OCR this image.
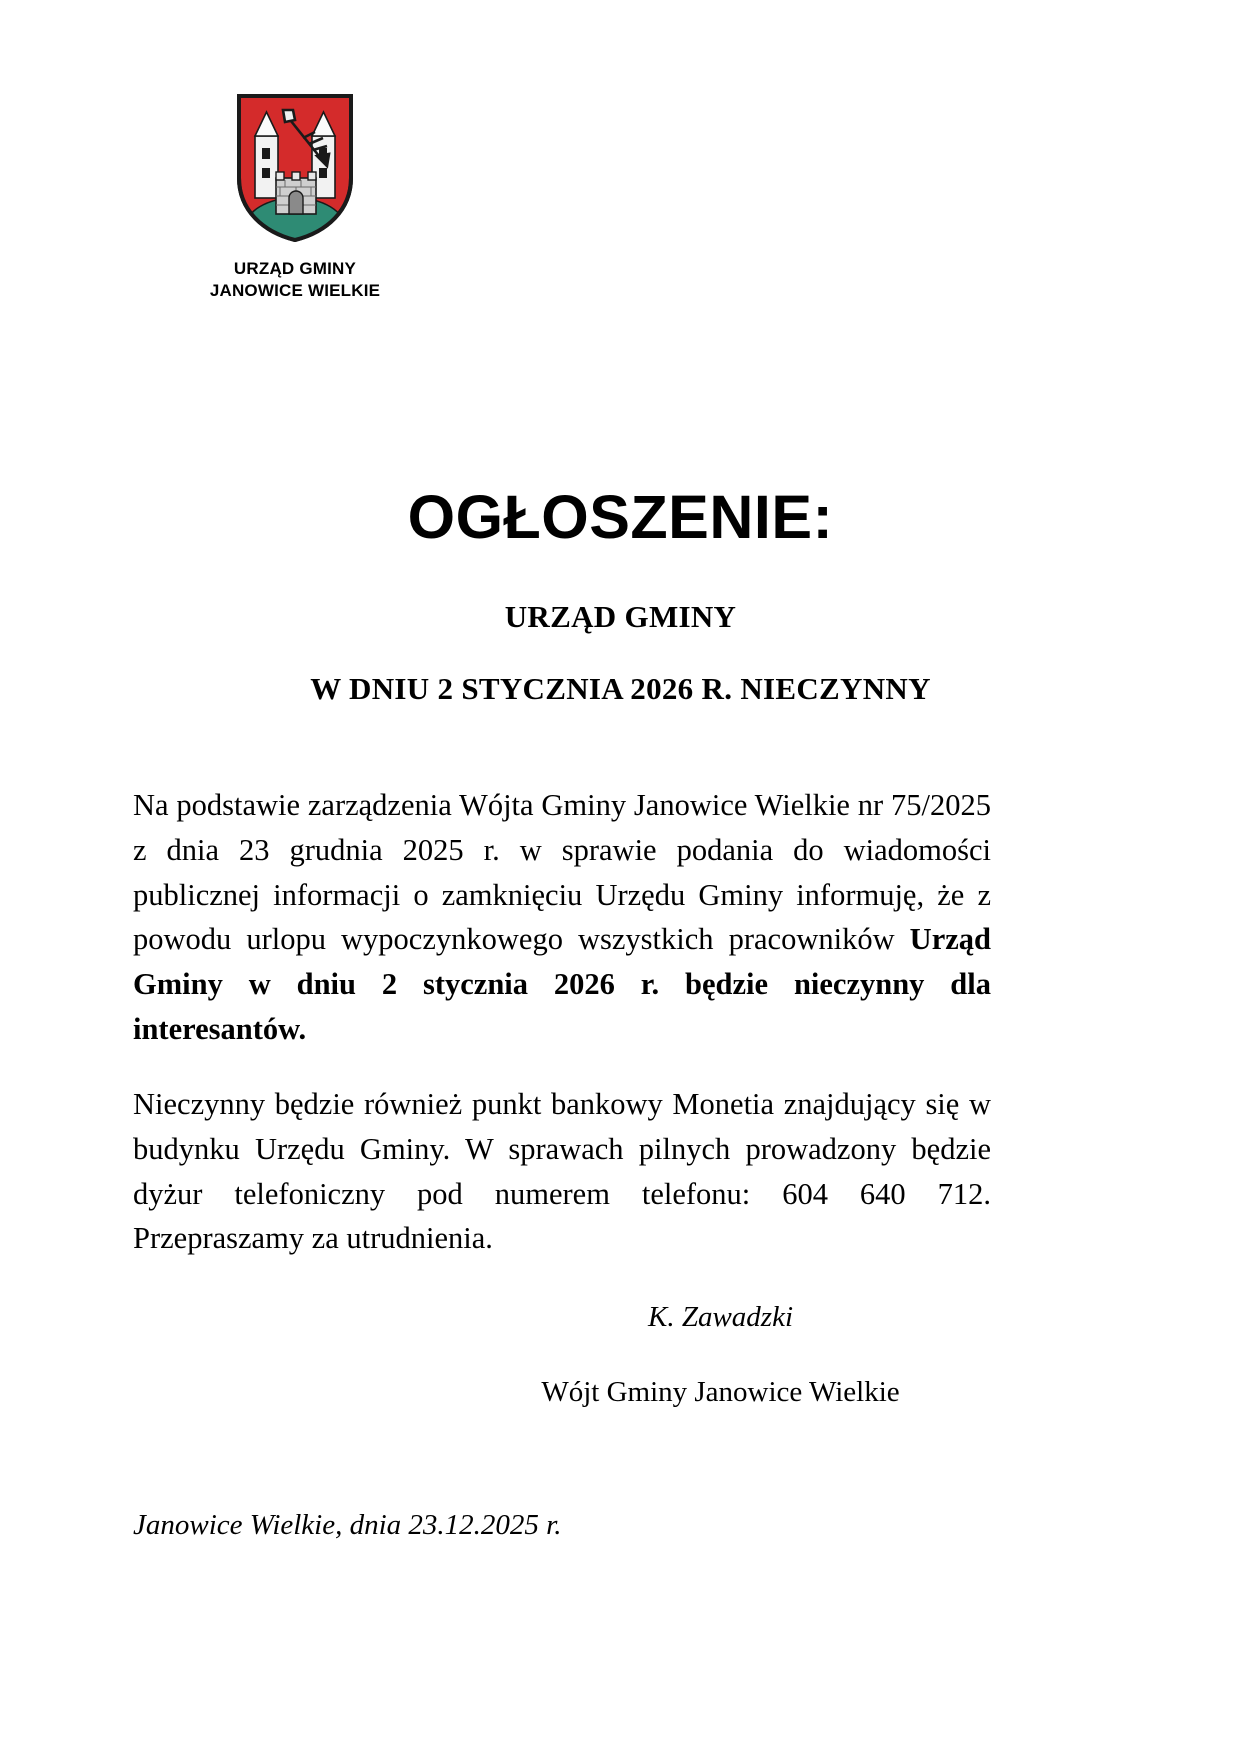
URZĄD GMINY
JANOWICE WIELKIE
OGŁOSZENIE:
URZĄD GMINY
W DNIU 2 STYCZNIA 2026 R. NIECZYNNY

Na podstawie zarządzenia Wójta Gminy Janowice Wielkie nr 75/2025 z dnia 23 grudnia 2025 r. w sprawie podania do wiadomości publicznej informacji o zamknięciu Urzędu Gminy informuję, że z powodu urlopu wypoczynkowego wszystkich pracowników Urząd Gminy w dniu 2 stycznia 2026 r. będzie nieczynny dla interesantów.

Nieczynny będzie również punkt bankowy Monetia znajdujący się w budynku Urzędu Gminy. W sprawach pilnych prowadzony będzie dyżur telefoniczny pod numerem telefonu: 604 640 712. Przepraszamy za utrudnienia.

K. Zawadzki
Wójt Gminy Janowice Wielkie
Janowice Wielkie, dnia 23.12.2025 r.
